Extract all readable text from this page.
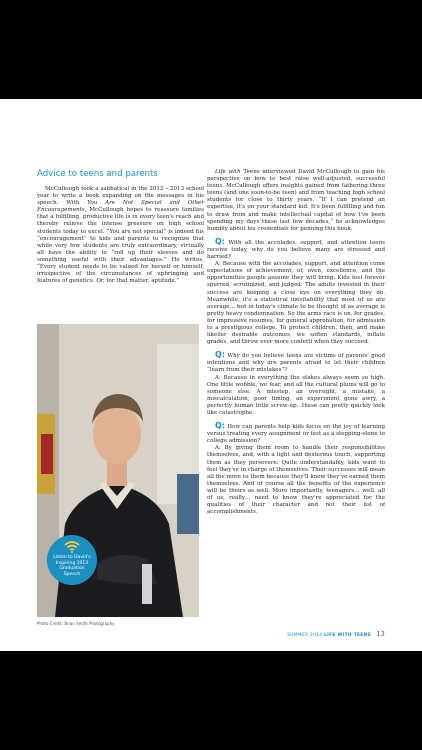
Advice to teens and parents

McCullough took a sabbatical in the 2012 – 2013 school year to write a book expanding on the messages in his speech. With You Are Not Special and Other Encouragements, McCullough hopes to reassure families that a fulfilling, productive life is in every teen's reach and thereby relieve the intense pressure on high school students today to excel. “You are not special” is indeed his “encouragement” to kids and parents to recognize that while very few students are truly extraordinary, virtually all have the ability to “roll up their sleeves and do something useful with their advantages.” He writes, “Every student needs to be valued for herself or himself, irrespective of the circumstances of upbringing and features of genetics. Or, for that matter, aptitude.”

Listen to David's Inspiring 2013 Graduation Speech
Photo Credit: Brian Smith Photography

Life with Teens interviewed David McCullough to gain his perspective on how to best raise well-adjusted, successful teens. McCullough offers insights gained from fathering three teens (and one soon-to-be teen) and from teaching high school students for close to thirty years. “If I can pretend an expertise, it's on your standard kid. It's been fulfilling and fun to draw from and make intellectual capital of how I've been spending my days these last few decades,” he acknowledges humbly about his credentials for penning this book.

Q: With all the accolades, support, and attention teens receive today, why do you believe many are stressed and harried?

A: Because with the accolades, support, and attention come expectations of achievement, of, even, excellence, and the opportunities people assume they will bring. Kids feel forever spurred, scrutinized, and judged. The adults invested in their success are keeping a close eye on everything they do. Meanwhile, it's a statistical inevitability that most of us are average… but in today's climate to be thought of as average is pretty heavy condemnation. So the arms race is on, for grades, for impressive resumes, for general approbation, for admission to a prestigious college. To protect children, then, and make likelier desirable outcomes, we soften standards, inflate grades, and throw ever more confetti when they succeed.

Q: Why do you believe teens are victims of parents' good intentions and why are parents afraid to let their children “learn from their mistakes”?

A: Because in everything the stakes always seem so high. One little wobble, we fear, and all the cultural plums will go to someone else. A misstep, an oversight, a mistake, a miscalculation, poor timing, an experiment gone awry, a perfectly human little screw-up…these can pretty quickly look like catastrophe.

Q: How can parents help kids focus on the joy of learning versus treating every assignment or test as a stepping-stone to college admission?

A: By giving them room to handle their responsibilities themselves, and, with a light and dexterous touch, supporting them as they persevere. Quite understandably, kids want to feel they're in charge of themselves. Their successes will mean all the more to them because they'll know they've earned them themselves. And of course all the benefits of the experience will be theirs as well. More importantly, teenagers… well, all of us, really… need to know they're appreciated for the qualities of their character and not their list of accomplishments.

SUMMER 2014 LIFE WITH TEENS 13
